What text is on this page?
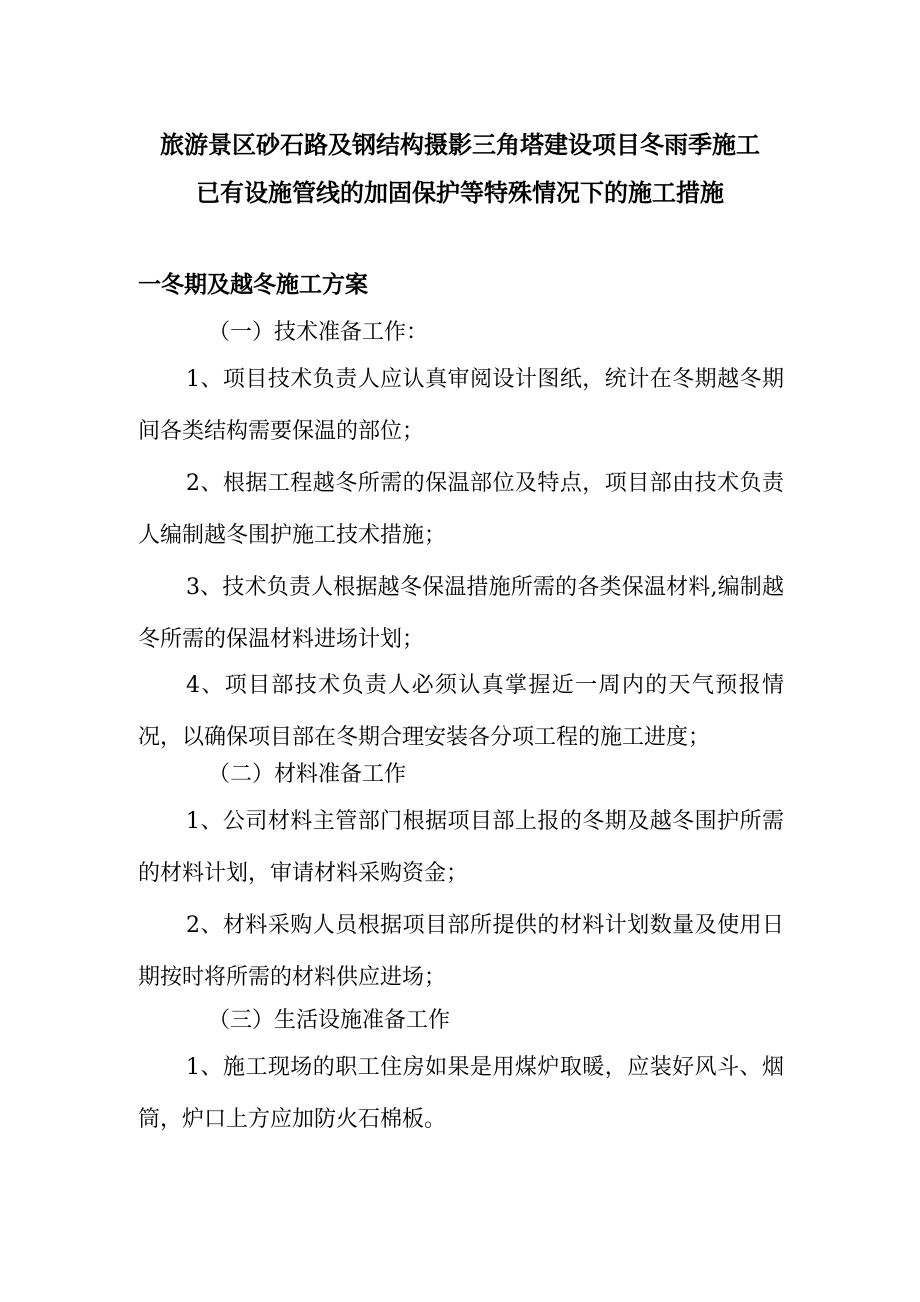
旅游景区砂石路及钢结构摄影三角塔建设项目冬雨季施工
已有设施管线的加固保护等特殊情况下的施工措施
一冬期及越冬施工方案
（一）技术准备工作：

1、项目技术负责人应认真审阅设计图纸，统计在冬期越冬期间各类结构需要保温的部位；

2、根据工程越冬所需的保温部位及特点，项目部由技术负责人编制越冬围护施工技术措施；

3、技术负责人根据越冬保温措施所需的各类保温材料,编制越冬所需的保温材料进场计划；

4、项目部技术负责人必须认真掌握近一周内的天气预报情况，以确保项目部在冬期合理安装各分项工程的施工进度；

（二）材料准备工作

1、公司材料主管部门根据项目部上报的冬期及越冬围护所需的材料计划，审请材料采购资金；

2、材料采购人员根据项目部所提供的材料计划数量及使用日期按时将所需的材料供应进场；

（三）生活设施准备工作

1、施工现场的职工住房如果是用煤炉取暖，应装好风斗、烟筒，炉口上方应加防火石棉板。
